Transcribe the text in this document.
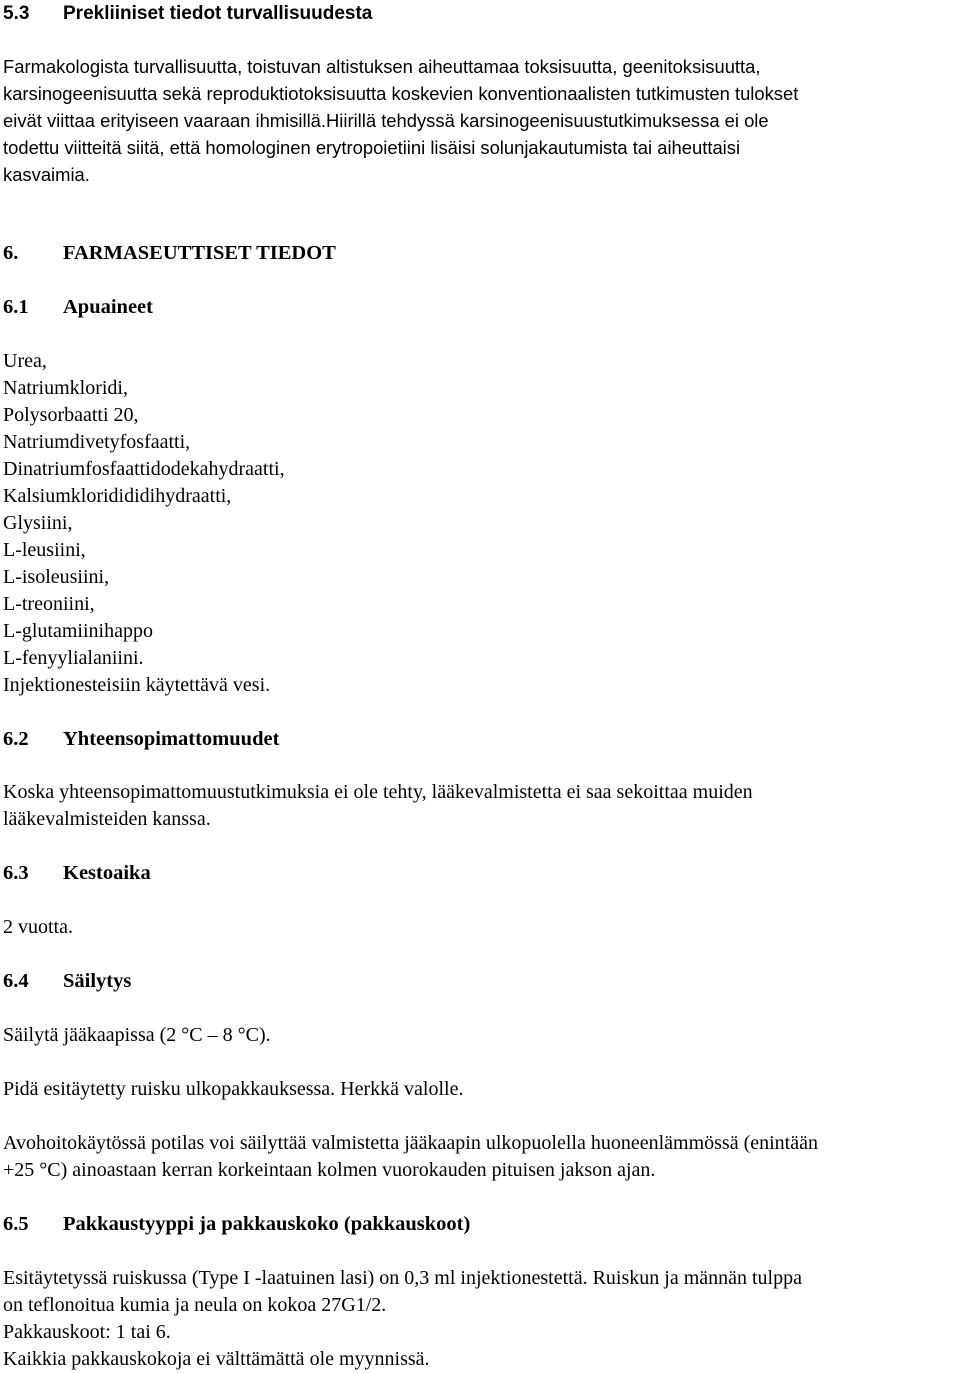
5.3 Prekliiniset tiedot turvallisuudesta
Farmakologista turvallisuutta, toistuvan altistuksen aiheuttamaa toksisuutta, geenitoksisuutta,
karsinogeenisuutta sekä reproduktiotoksisuutta koskevien konventionaalisten tutkimusten tulokset
eivät viittaa erityiseen vaaraan ihmisillä.Hiirillä tehdyssä karsinogeenisuustutkimuksessa ei ole
todettu viitteitä siitä, että homologinen erytropoietiini lisäisi solunjakautumista tai aiheuttaisi
kasvaimia.
6. FARMASEUTTISET TIEDOT
6.1 Apuaineet
Urea,
Natriumkloridi,
Polysorbaatti 20,
Natriumdivetyfosfaatti,
Dinatriumfosfaattidodekahydraatti,
Kalsiumkloridididihydraatti,
Glysiini,
L-leusiini,
L-isoleusiini,
L-treoniini,
L-glutamiinihappo
L-fenyylialaniini.
Injektionesteisiin käytettävä vesi.
6.2 Yhteensopimattomuudet
Koska yhteensopimattomuustutkimuksia ei ole tehty, lääkevalmistetta ei saa sekoittaa muiden
lääkevalmisteiden kanssa.
6.3 Kestoaika
2 vuotta.
6.4 Säilytys
Säilytä jääkaapissa (2 °C – 8 °C).
Pidä esitäytetty ruisku ulkopakkauksessa. Herkkä valolle.
Avohoitokäytössä potilas voi säilyttää valmistetta jääkaapin ulkopuolella huoneenlämmössä (enintään
+25 °C) ainoastaan kerran korkeintaan kolmen vuorokauden pituisen jakson ajan.
6.5 Pakkaustyyppi ja pakkauskoko (pakkauskoot)
Esitäytetyssä ruiskussa (Type I -laatuinen lasi) on 0,3 ml injektionestettä. Ruiskun ja männän tulppa
on teflonoitua kumia ja neula on kokoa 27G1/2.
Pakkauskoot: 1 tai 6.
Kaikkia pakkauskokoja ei välttämättä ole myynnissä.
